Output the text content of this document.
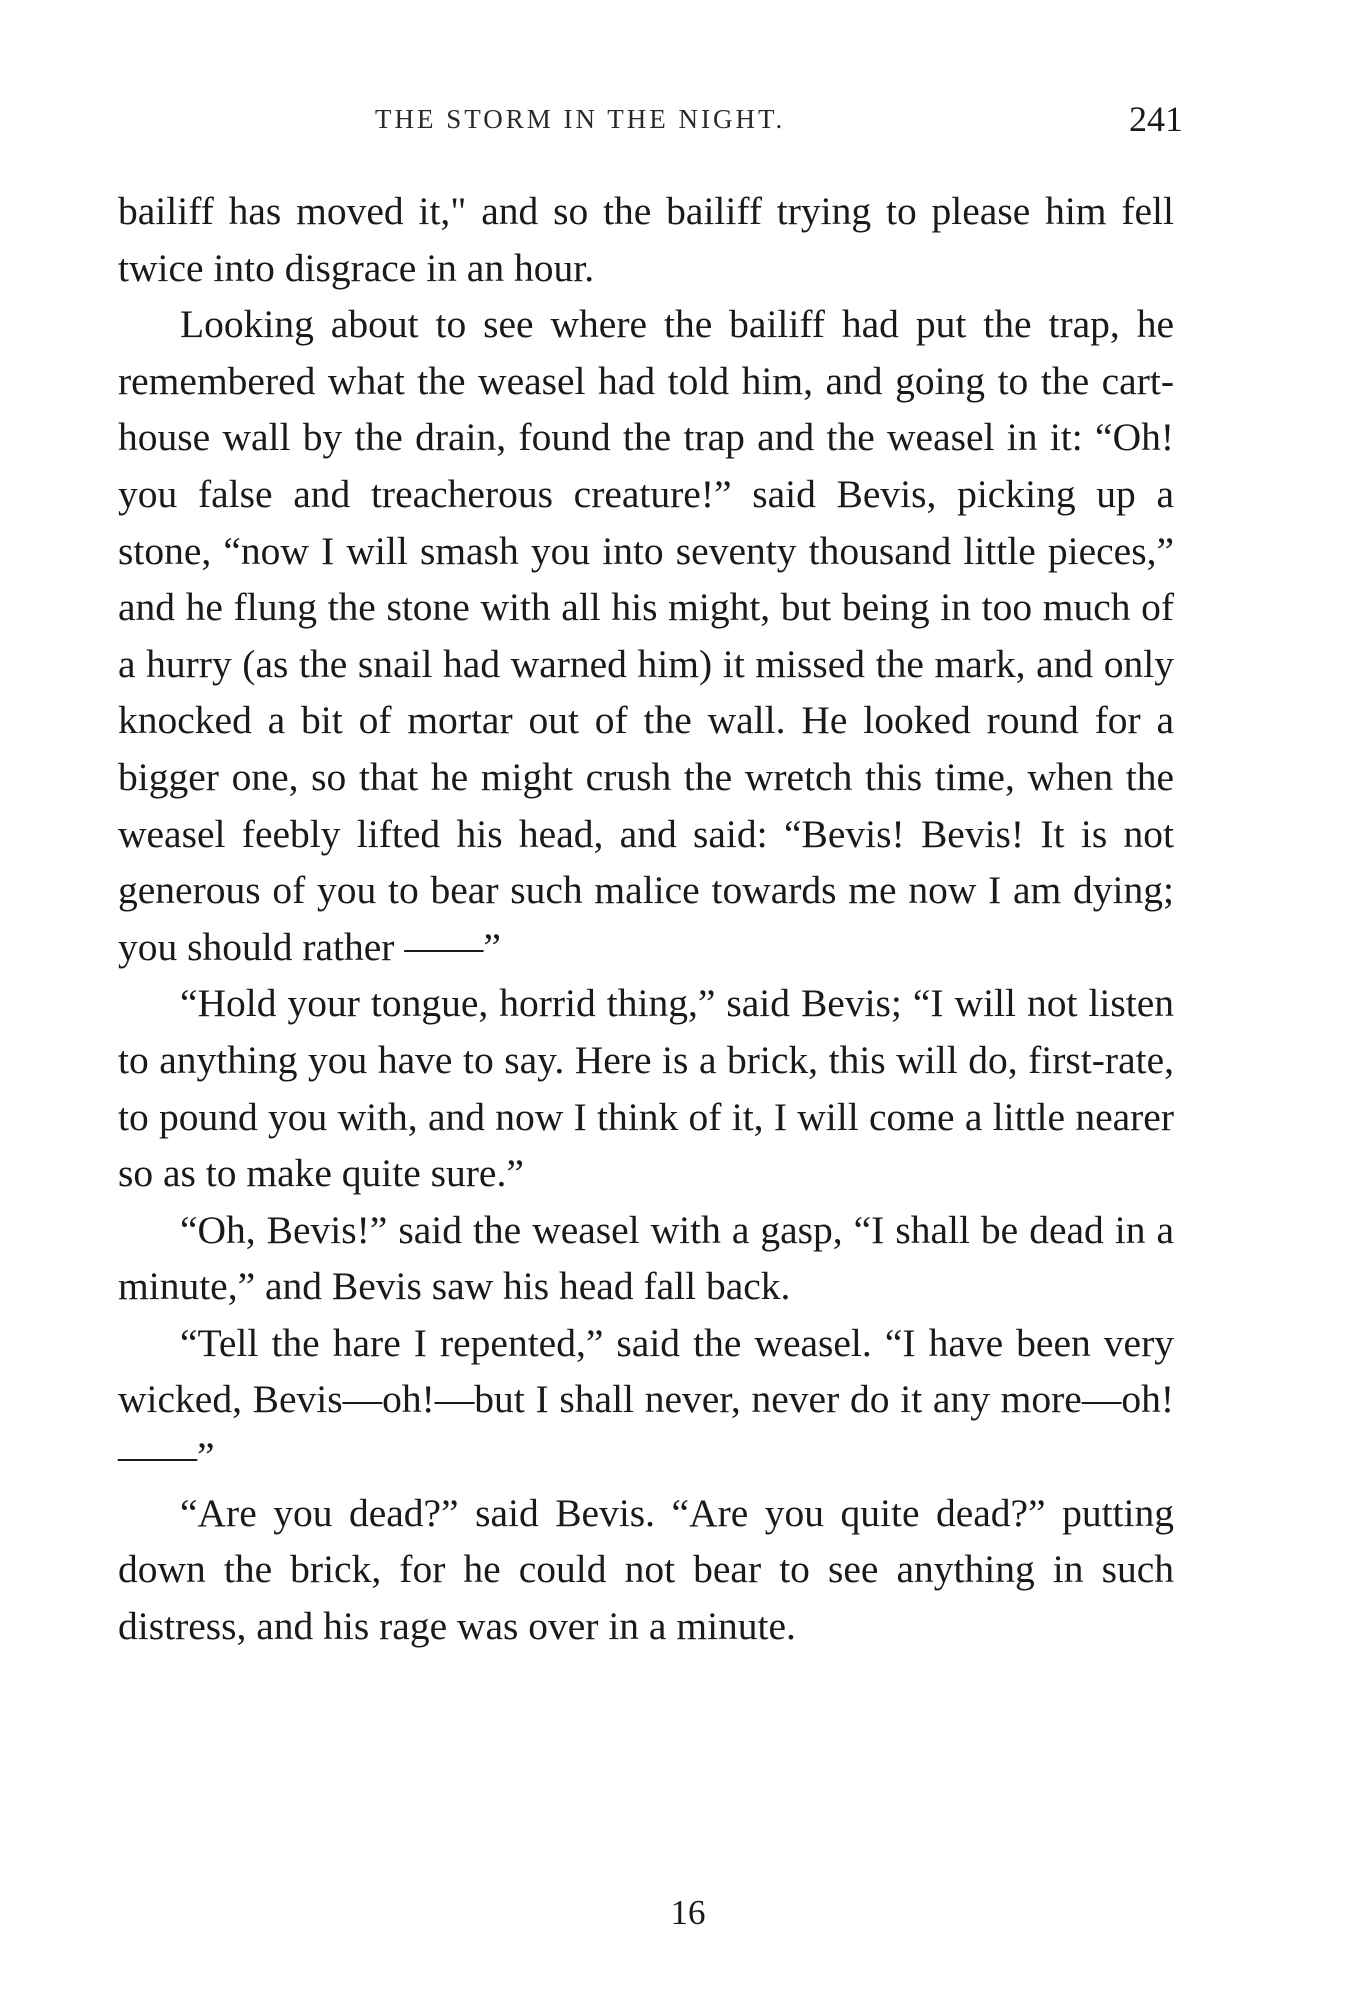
THE STORM IN THE NIGHT.	241

bailiff has moved it," and so the bailiff trying to please him fell twice into disgrace in an hour.

Looking about to see where the bailiff had put the trap, he remembered what the weasel had told him, and going to the cart-house wall by the drain, found the trap and the weasel in it: “Oh! you false and treacherous creature!” said Bevis, picking up a stone, “now I will smash you into seventy thousand little pieces,” and he flung the stone with all his might, but being in too much of a hurry (as the snail had warned him) it missed the mark, and only knocked a bit of mortar out of the wall. He looked round for a bigger one, so that he might crush the wretch this time, when the weasel feebly lifted his head, and said: “Bevis! Bevis! It is not generous of you to bear such malice towards me now I am dying; you should rather ——”

“Hold your tongue, horrid thing,” said Bevis; “I will not listen to anything you have to say. Here is a brick, this will do, first-rate, to pound you with, and now I think of it, I will come a little nearer so as to make quite sure.”

“Oh, Bevis!” said the weasel with a gasp, “I shall be dead in a minute,” and Bevis saw his head fall back.

“Tell the hare I repented,” said the weasel. “I have been very wicked, Bevis—oh!—but I shall never, never do it any more—oh!——”

“Are you dead?” said Bevis. “Are you quite dead?” putting down the brick, for he could not bear to see anything in such distress, and his rage was over in a minute.

16
